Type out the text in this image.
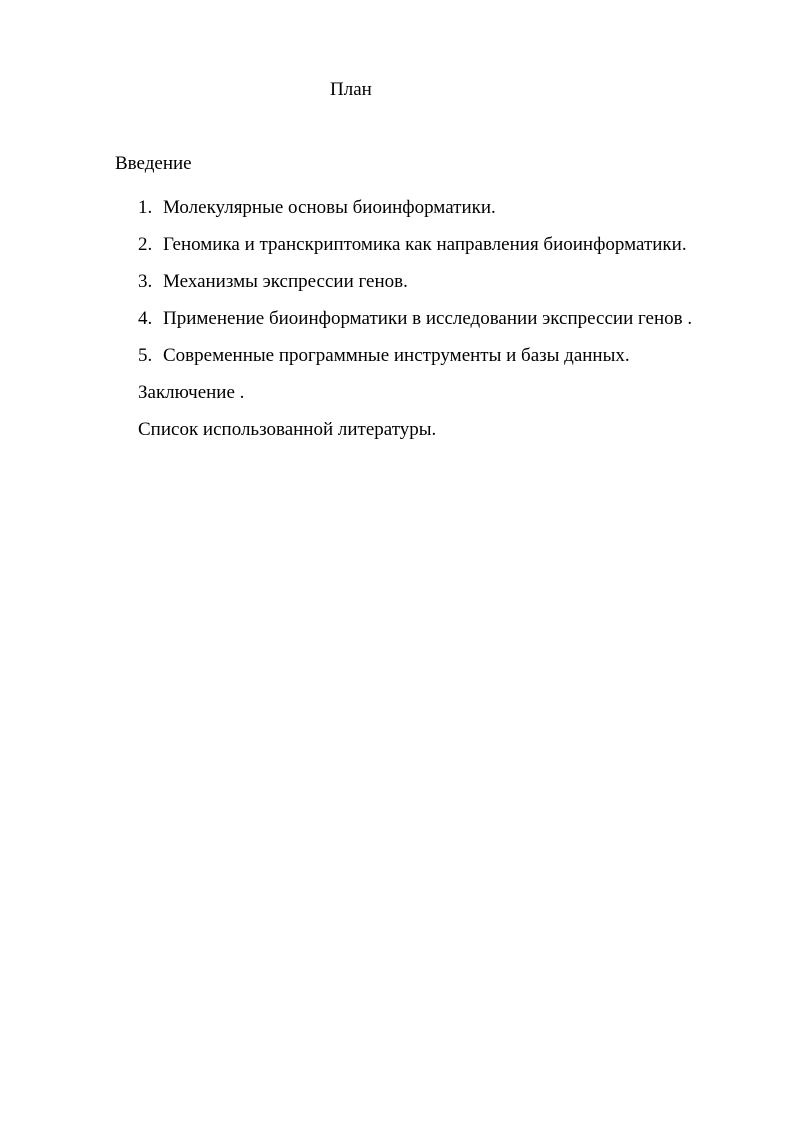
План
Введение
1. Молекулярные основы биоинформатики.
2. Геномика и транскриптомика как направления биоинформатики.
3. Механизмы экспрессии генов.
4. Применение биоинформатики в исследовании экспрессии генов .
5. Современные программные инструменты и базы данных.
Заключение .
Список использованной литературы.
